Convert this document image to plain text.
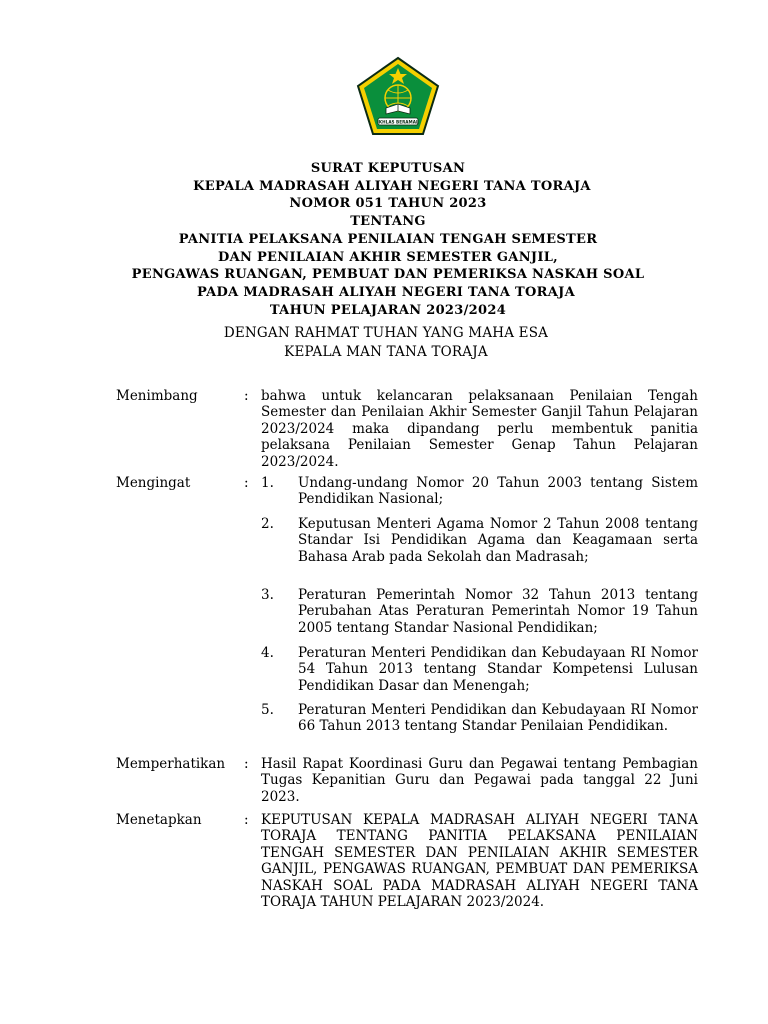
IKHLAS BERAMAL
SURAT KEPUTUSAN
KEPALA MADRASAH ALIYAH NEGERI TANA TORAJA
NOMOR 051 TAHUN 2023
TENTANG
PANITIA PELAKSANA PENILAIAN TENGAH SEMESTER
DAN PENILAIAN AKHIR SEMESTER GANJIL,
PENGAWAS RUANGAN, PEMBUAT DAN PEMERIKSA NASKAH SOAL
PADA MADRASAH ALIYAH NEGERI TANA TORAJA
TAHUN PELAJARAN 2023/2024
DENGAN RAHMAT TUHAN YANG MAHA ESA
KEPALA MAN TANA TORAJA
Menimbang	: bahwa untuk kelancaran pelaksanaan Penilaian Tengah Semester dan Penilaian Akhir Semester Ganjil Tahun Pelajaran 2023/2024 maka dipandang perlu membentuk panitia pelaksana Penilaian Semester Genap Tahun Pelajaran 2023/2024.
Mengingat	: 1. Undang-undang Nomor 20 Tahun 2003 tentang Sistem Pendidikan Nasional;
2. Keputusan Menteri Agama Nomor 2 Tahun 2008 tentang Standar Isi Pendidikan Agama dan Keagamaan serta Bahasa Arab pada Sekolah dan Madrasah;
3. Peraturan Pemerintah Nomor 32 Tahun 2013 tentang Perubahan Atas Peraturan Pemerintah Nomor 19 Tahun 2005 tentang Standar Nasional Pendidikan;
4. Peraturan Menteri Pendidikan dan Kebudayaan RI Nomor 54 Tahun 2013 tentang Standar Kompetensi Lulusan Pendidikan Dasar dan Menengah;
5. Peraturan Menteri Pendidikan dan Kebudayaan RI Nomor 66 Tahun 2013 tentang Standar Penilaian Pendidikan.
Memperhatikan : Hasil Rapat Koordinasi Guru dan Pegawai tentang Pembagian Tugas Kepanitian Guru dan Pegawai pada tanggal 22 Juni 2023.
Menetapkan	: KEPUTUSAN KEPALA MADRASAH ALIYAH NEGERI TANA TORAJA TENTANG PANITIA PELAKSANA PENILAIAN TENGAH SEMESTER DAN PENILAIAN AKHIR SEMESTER GANJIL, PENGAWAS RUANGAN, PEMBUAT DAN PEMERIKSA NASKAH SOAL PADA MADRASAH ALIYAH NEGERI TANA TORAJA TAHUN PELAJARAN 2023/2024.
